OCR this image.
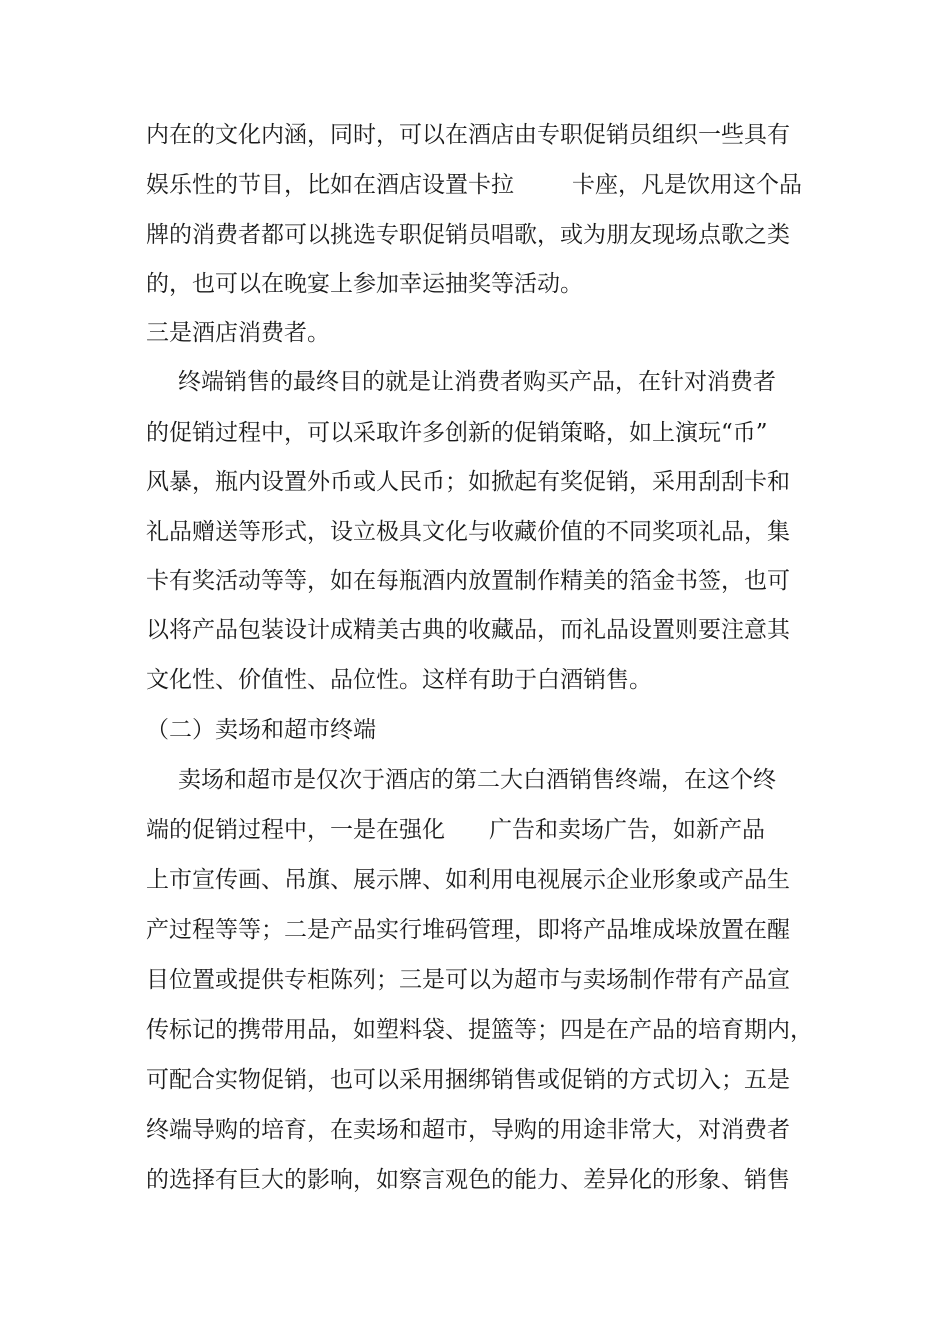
内在的文化内涵，同时，可以在酒店由专职促销员组织一些具有

娱乐性的节目，比如在酒店设置卡拉	卡座，凡是饮用这个品

牌的消费者都可以挑选专职促销员唱歌，或为朋友现场点歌之类

的，也可以在晚宴上参加幸运抽奖等活动。

三是酒店消费者。

终端销售的最终目的就是让消费者购买产品，在针对消费者

的促销过程中，可以采取许多创新的促销策略，如上演玩“币”

风暴，瓶内设置外币或人民币；如掀起有奖促销，采用刮刮卡和

礼品赠送等形式，设立极具文化与收藏价值的不同奖项礼品，集

卡有奖活动等等，如在每瓶酒内放置制作精美的箔金书签，也可

以将产品包装设计成精美古典的收藏品，而礼品设置则要注意其

文化性、价值性、品位性。这样有助于白酒销售。

（二）卖场和超市终端

卖场和超市是仅次于酒店的第二大白酒销售终端，在这个终

端的促销过程中，一是在强化 广告和卖场广告，如新产品

上市宣传画、吊旗、展示牌、如利用电视展示企业形象或产品生

产过程等等；二是产品实行堆码管理，即将产品堆成垛放置在醒

目位置或提供专柜陈列；三是可以为超市与卖场制作带有产品宣

传标记的携带用品，如塑料袋、提篮等；四是在产品的培育期内，

可配合实物促销，也可以采用捆绑销售或促销的方式切入；五是

终端导购的培育，在卖场和超市，导购的用途非常大，对消费者

的选择有巨大的影响，如察言观色的能力、差异化的形象、销售
